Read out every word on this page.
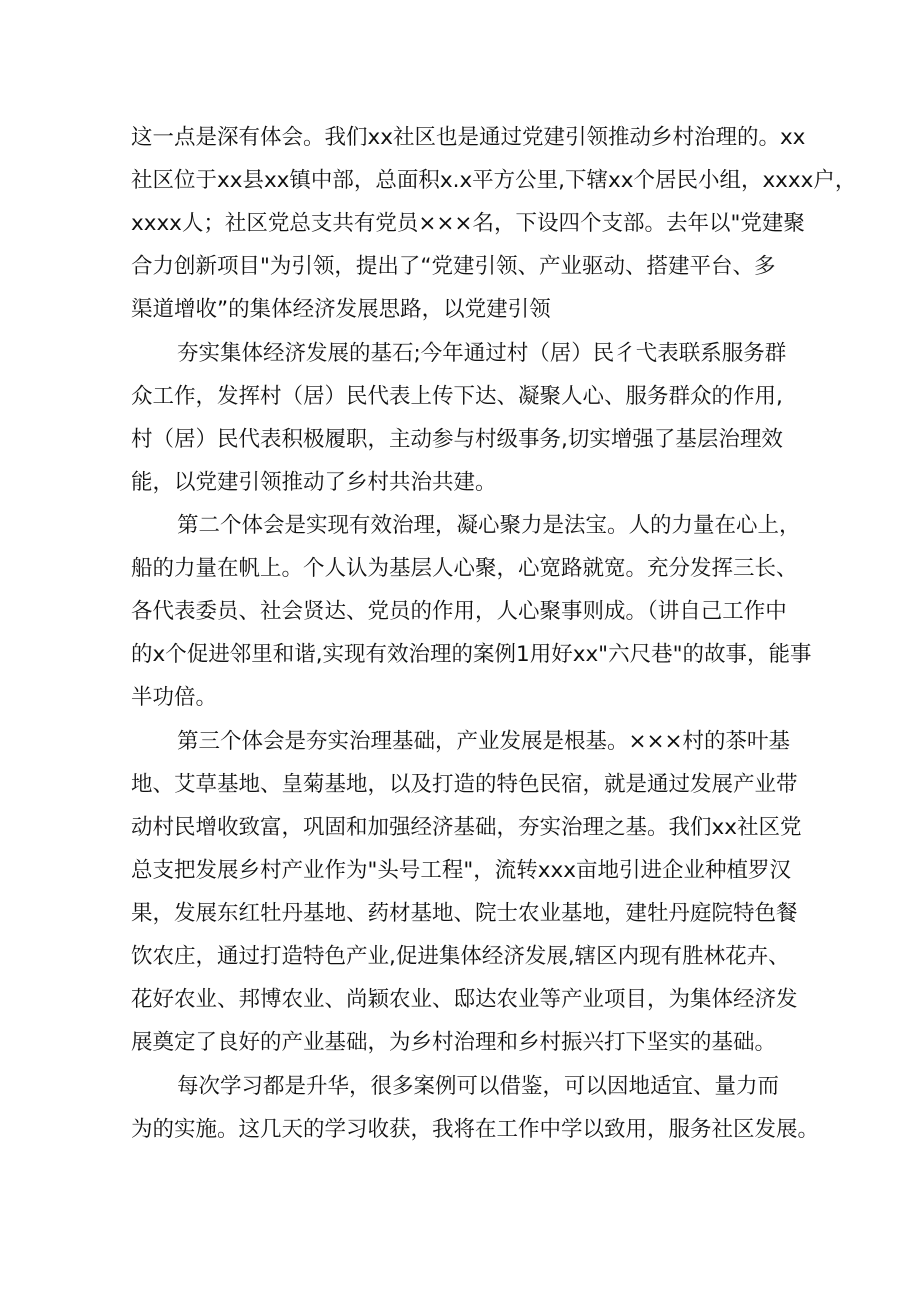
这一点是深有体会。我们xx社区也是通过党建引领推动乡村治理的。xx
社区位于xx县xx镇中部，总面积x.x平方公里,下辖xx个居民小组，xxxx户，
xxxx人；社区党总支共有党员×××名，下设四个支部。去年以"党建聚
合力创新项目"为引领，提出了“党建引领、产业驱动、搭建平台、多
渠道增收”的集体经济发展思路，以党建引领
夯实集体经济发展的基石;今年通过村（居）民彳弋表联系服务群
众工作，发挥村（居）民代表上传下达、凝聚人心、服务群众的作用,
村（居）民代表积极履职，主动参与村级事务,切实增强了基层治理效
能，以党建引领推动了乡村共治共建。
第二个体会是实现有效治理，凝心聚力是法宝。人的力量在心上，
船的力量在帆上。个人认为基层人心聚，心宽路就宽。充分发挥三长、
各代表委员、社会贤达、党员的作用，人心聚事则成。（讲自己工作中
的x个促进邻里和谐,实现有效治理的案例1用好xx"六尺巷"的故事，能事
半功倍。
第三个体会是夯实治理基础，产业发展是根基。×××村的茶叶基
地、艾草基地、皇菊基地，以及打造的特色民宿，就是通过发展产业带
动村民增收致富，巩固和加强经济基础，夯实治理之基。我们xx社区党
总支把发展乡村产业作为"头号工程"，流转xxx亩地引进企业种植罗汉
果，发展东红牡丹基地、药材基地、院士农业基地，建牡丹庭院特色餐
饮农庄，通过打造特色产业,促进集体经济发展,辖区内现有胜林花卉、
花好农业、邦博农业、尚颖农业、邸达农业等产业项目，为集体经济发
展奠定了良好的产业基础，为乡村治理和乡村振兴打下坚实的基础。
每次学习都是升华，很多案例可以借鉴，可以因地适宜、量力而
为的实施。这几天的学习收获，我将在工作中学以致用，服务社区发展。
